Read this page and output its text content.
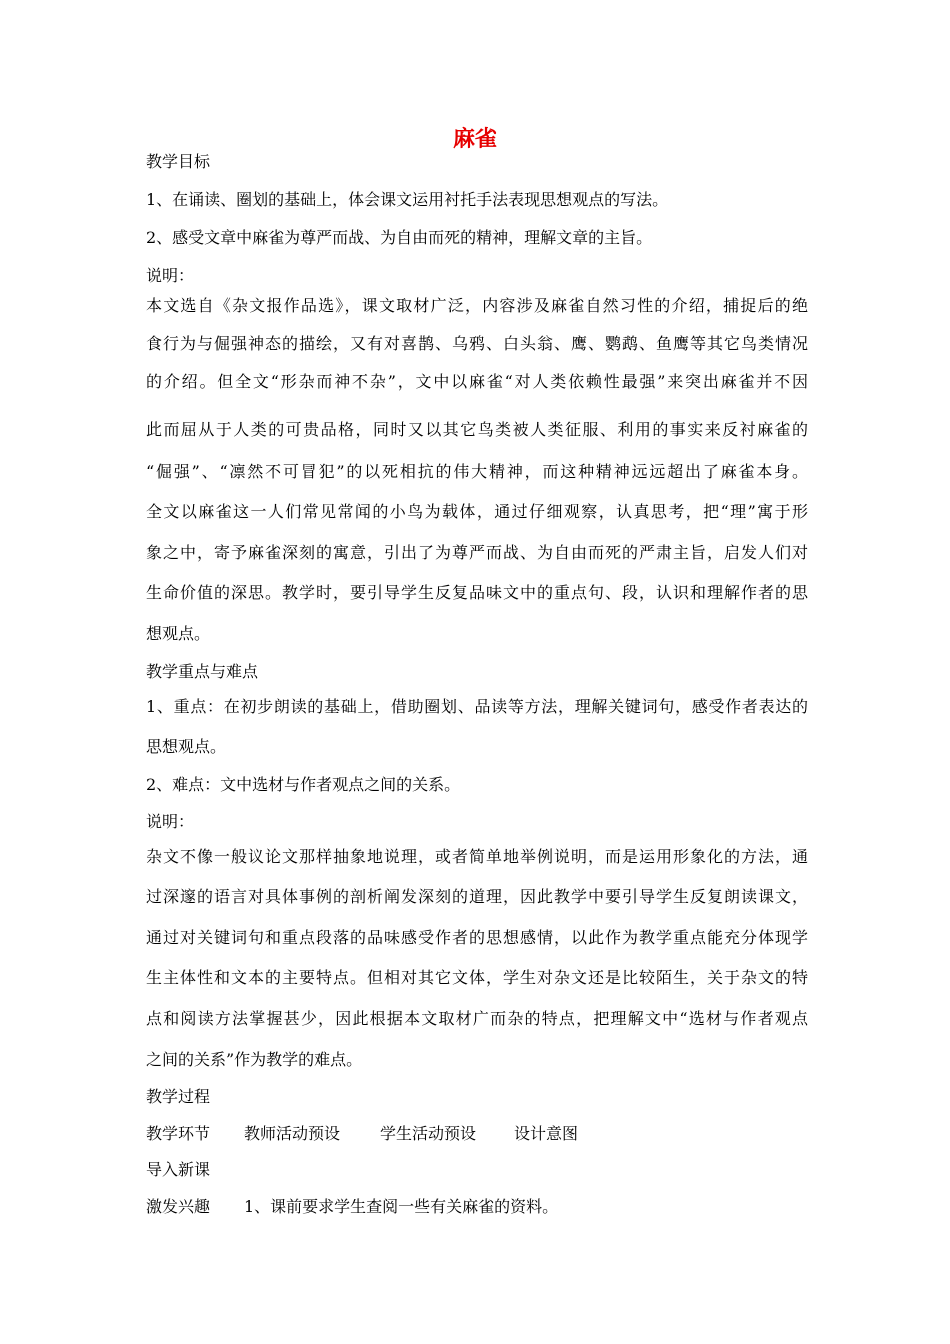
麻雀
教学目标
1、在诵读、圈划的基础上，体会课文运用衬托手法表现思想观点的写法。
2、感受文章中麻雀为尊严而战、为自由而死的精神，理解文章的主旨。
说明：
本文选自《杂文报作品选》，课文取材广泛，内容涉及麻雀自然习性的介绍，捕捉后的绝
食行为与倔强神态的描绘，又有对喜鹊、乌鸦、白头翁、鹰、鹦鹉、鱼鹰等其它鸟类情况
的介绍。但全文“形杂而神不杂”，文中以麻雀“对人类依赖性最强”来突出麻雀并不因
此而屈从于人类的可贵品格，同时又以其它鸟类被人类征服、利用的事实来反衬麻雀的
“倔强”、“凛然不可冒犯”的以死相抗的伟大精神，而这种精神远远超出了麻雀本身。
全文以麻雀这一人们常见常闻的小鸟为载体，通过仔细观察，认真思考，把“理”寓于形
象之中，寄予麻雀深刻的寓意，引出了为尊严而战、为自由而死的严肃主旨，启发人们对
生命价值的深思。教学时，要引导学生反复品味文中的重点句、段，认识和理解作者的思
想观点。
教学重点与难点
1、重点：在初步朗读的基础上，借助圈划、品读等方法，理解关键词句，感受作者表达的
思想观点。
2、难点：文中选材与作者观点之间的关系。
说明：
杂文不像一般议论文那样抽象地说理，或者简单地举例说明，而是运用形象化的方法，通
过深邃的语言对具体事例的剖析阐发深刻的道理，因此教学中要引导学生反复朗读课文，
通过对关键词句和重点段落的品味感受作者的思想感情，以此作为教学重点能充分体现学
生主体性和文本的主要特点。但相对其它文体，学生对杂文还是比较陌生，关于杂文的特
点和阅读方法掌握甚少，因此根据本文取材广而杂的特点，把理解文中“选材与作者观点
之间的关系”作为教学的难点。
教学过程
教学环节 教师活动预设 学生活动预设 设计意图
导入新课
激发兴趣 1、课前要求学生查阅一些有关麻雀的资料。
